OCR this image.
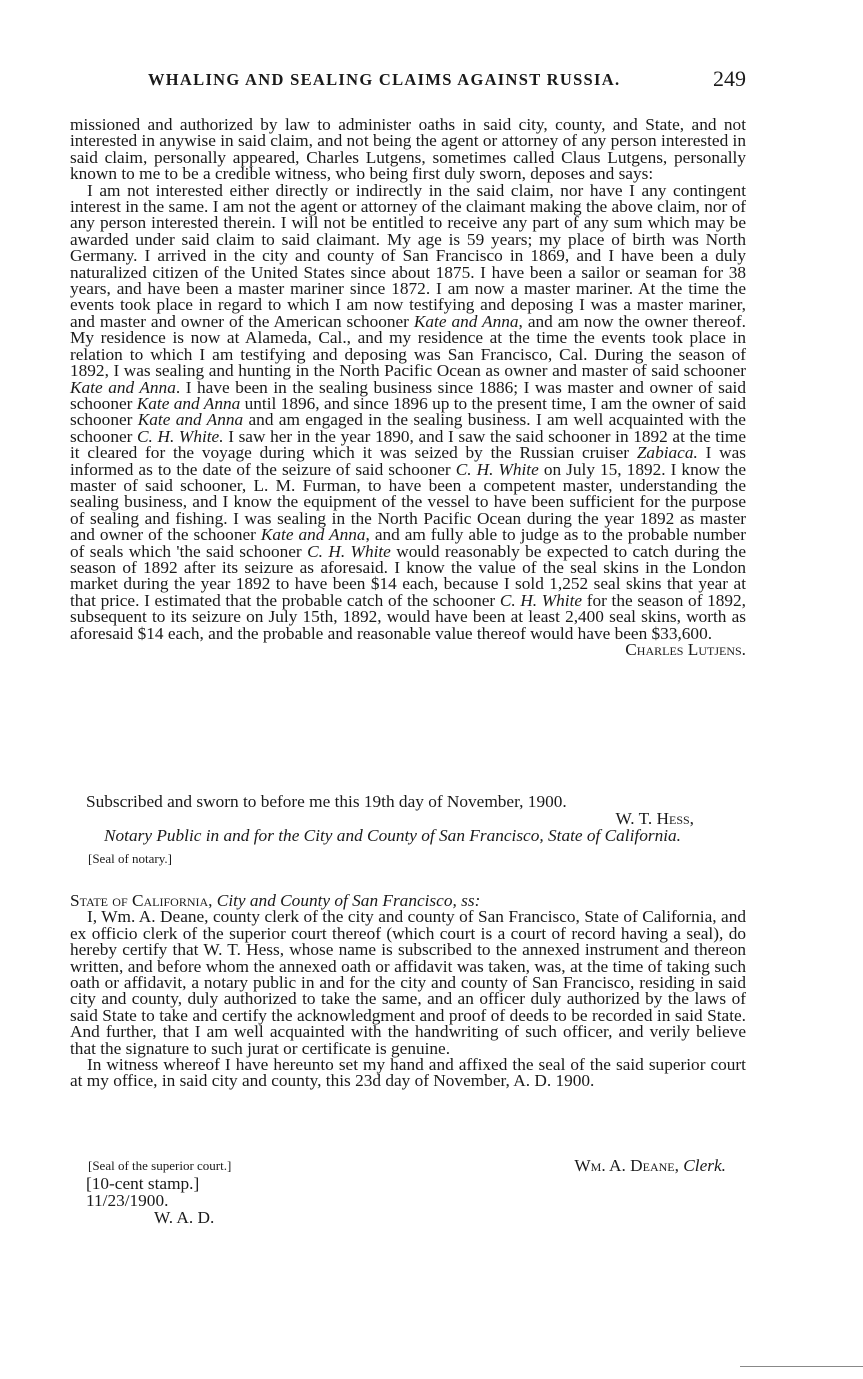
WHALING AND SEALING CLAIMS AGAINST RUSSIA.	249

missioned and authorized by law to administer oaths in said city, county, and State, and not interested in anywise in said claim, and not being the agent or attorney of any person interested in said claim, personally appeared, Charles Lutgens, sometimes called Claus Lutgens, personally known to me to be a credible witness, who being first duly sworn, deposes and says:

I am not interested either directly or indirectly in the said claim, nor have I any contingent interest in the same. I am not the agent or attorney of the claimant making the above claim, nor of any person interested therein. I will not be entitled to receive any part of any sum which may be awarded under said claim to said claimant. My age is 59 years; my place of birth was North Germany. I arrived in the city and county of San Francisco in 1869, and I have been a duly naturalized citizen of the United States since about 1875. I have been a sailor or seaman for 38 years, and have been a master mariner since 1872. I am now a master mariner. At the time the events took place in regard to which I am now testifying and deposing I was a master mariner, and master and owner of the American schooner Kate and Anna, and am now the owner thereof. My residence is now at Alameda, Cal., and my residence at the time the events took place in relation to which I am testifying and deposing was San Francisco, Cal. During the season of 1892, I was sealing and hunting in the North Pacific Ocean as owner and master of said schooner Kate and Anna. I have been in the sealing business since 1886; I was master and owner of said schooner Kate and Anna until 1896, and since 1896 up to the present time, I am the owner of said schooner Kate and Anna and am engaged in the sealing business. I am well acquainted with the schooner C. H. White. I saw her in the year 1890, and I saw the said schooner in 1892 at the time it cleared for the voyage during which it was seized by the Russian cruiser Zabiaca. I was informed as to the date of the seizure of said schooner C. H. White on July 15, 1892. I know the master of said schooner, L. M. Furman, to have been a competent master, understanding the sealing business, and I know the equipment of the vessel to have been sufficient for the purpose of sealing and fishing. I was sealing in the North Pacific Ocean during the year 1892 as master and owner of the schooner Kate and Anna, and am fully able to judge as to the probable number of seals which 'the said schooner C. H. White would reasonably be expected to catch during the season of 1892 after its seizure as aforesaid. I know the value of the seal skins in the London market during the year 1892 to have been $14 each, because I sold 1,252 seal skins that year at that price. I estimated that the probable catch of the schooner C. H. White for the season of 1892, subsequent to its seizure on July 15th, 1892, would have been at least 2,400 seal skins, worth as aforesaid $14 each, and the probable and reasonable value thereof would have been $33,600.

Charles Lutjens.

Subscribed and sworn to before me this 19th day of November, 1900.
W. T. Hess,
Notary Public in and for the City and County of San Francisco, State of California.
[Seal of notary.]

State of California, City and County of San Francisco, ss:

I, Wm. A. Deane, county clerk of the city and county of San Francisco, State of California, and ex officio clerk of the superior court thereof (which court is a court of record having a seal), do hereby certify that W. T. Hess, whose name is subscribed to the annexed instrument and thereon written, and before whom the annexed oath or affidavit was taken, was, at the time of taking such oath or affidavit, a notary public in and for the city and county of San Francisco, residing in said city and county, duly authorized to take the same, and an officer duly authorized by the laws of said State to take and certify the acknowledgment and proof of deeds to be recorded in said State. And further, that I am well acquainted with the handwriting of such officer, and verily believe that the signature to such jurat or certificate is genuine.

In witness whereof I have hereunto set my hand and affixed the seal of the said superior court at my office, in said city and county, this 23d day of November, A. D. 1900.

[Seal of the superior court.]	Wm. A. Deane, Clerk.
[10-cent stamp.]
11/23/1900.
W. A. D.
